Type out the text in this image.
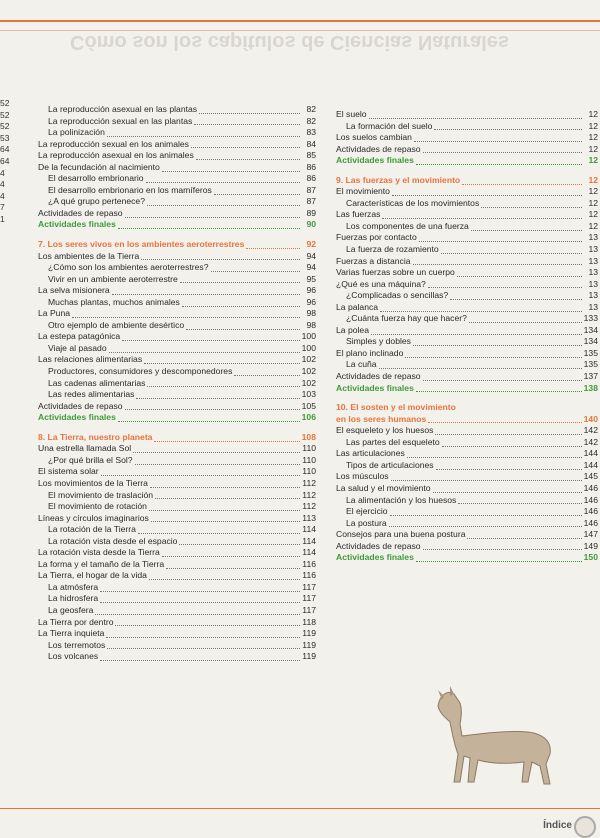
Cómo son los capítulos de Ciencias Naturales
52
52
52
53
64
64
4
4
4
7
1
La reproducción asexual en las plantas	82
La reproducción sexual en las plantas	82
La polinización	83
La reproducción sexual en los animales	84
La reproducción asexual en los animales	85
De la fecundación al nacimiento	86
El desarrollo embrionario	86
El desarrollo embrionario en los mamíferos	87
¿A qué grupo pertenece?	87
Actividades de repaso	89
Actividades finales	90
7. Los seres vivos en los ambientes aeroterrestres	92
Los ambientes de la Tierra	94
¿Cómo son los ambientes aeroterrestres?	94
Vivir en un ambiente aeroterrestre	95
La selva misionera	96
Muchas plantas, muchos animales	96
La Puna	98
Otro ejemplo de ambiente desértico	98
La estepa patagónica	100
Viaje al pasado	100
Las relaciones alimentarias	102
Productores, consumidores y descomponedores	102
Las cadenas alimentarias	102
Las redes alimentarias	103
Actividades de repaso	105
Actividades finales	106
8. La Tierra, nuestro planeta	108
Una estrella llamada Sol	110
¿Por qué brilla el Sol?	110
El sistema solar	110
Los movimientos de la Tierra	112
El movimiento de traslación	112
El movimiento de rotación	112
Líneas y círculos imaginarios	113
La rotación de la Tierra	114
La rotación vista desde el espacio	114
La rotación vista desde la Tierra	114
La forma y el tamaño de la Tierra	116
La Tierra, el hogar de la vida	116
La atmósfera	117
La hidrosfera	117
La geosfera	117
La Tierra por dentro	118
La Tierra inquieta	119
Los terremotos	119
Los volcanes	119
El suelo	12
La formación del suelo	12
Los suelos cambian	12
Actividades de repaso	12
Actividades finales	12
9. Las fuerzas y el movimiento	12
El movimiento	12
Características de los movimientos	12
Las fuerzas	12
Los componentes de una fuerza	12
Fuerzas por contacto	13
La fuerza de rozamiento	13
Fuerzas a distancia	13
Varias fuerzas sobre un cuerpo	13
¿Qué es una máquina?	13
¿Complicadas o sencillas?	13
La palanca	13
¿Cuánta fuerza hay que hacer?	133
La polea	134
Simples y dobles	134
El plano inclinado	135
La cuña	135
Actividades de repaso	137
Actividades finales	138
10. El sosten y el movimiento
en los seres humanos	140
El esqueleto y los huesos	142
Las partes del esqueleto	142
Las articulaciones	144
Tipos de articulaciones	144
Los músculos	145
La salud y el movimiento	146
La alimentación y los huesos	146
El ejercicio	146
La postura	146
Consejos para una buena postura	147
Actividades de repaso	149
Actividades finales	150
Índice
